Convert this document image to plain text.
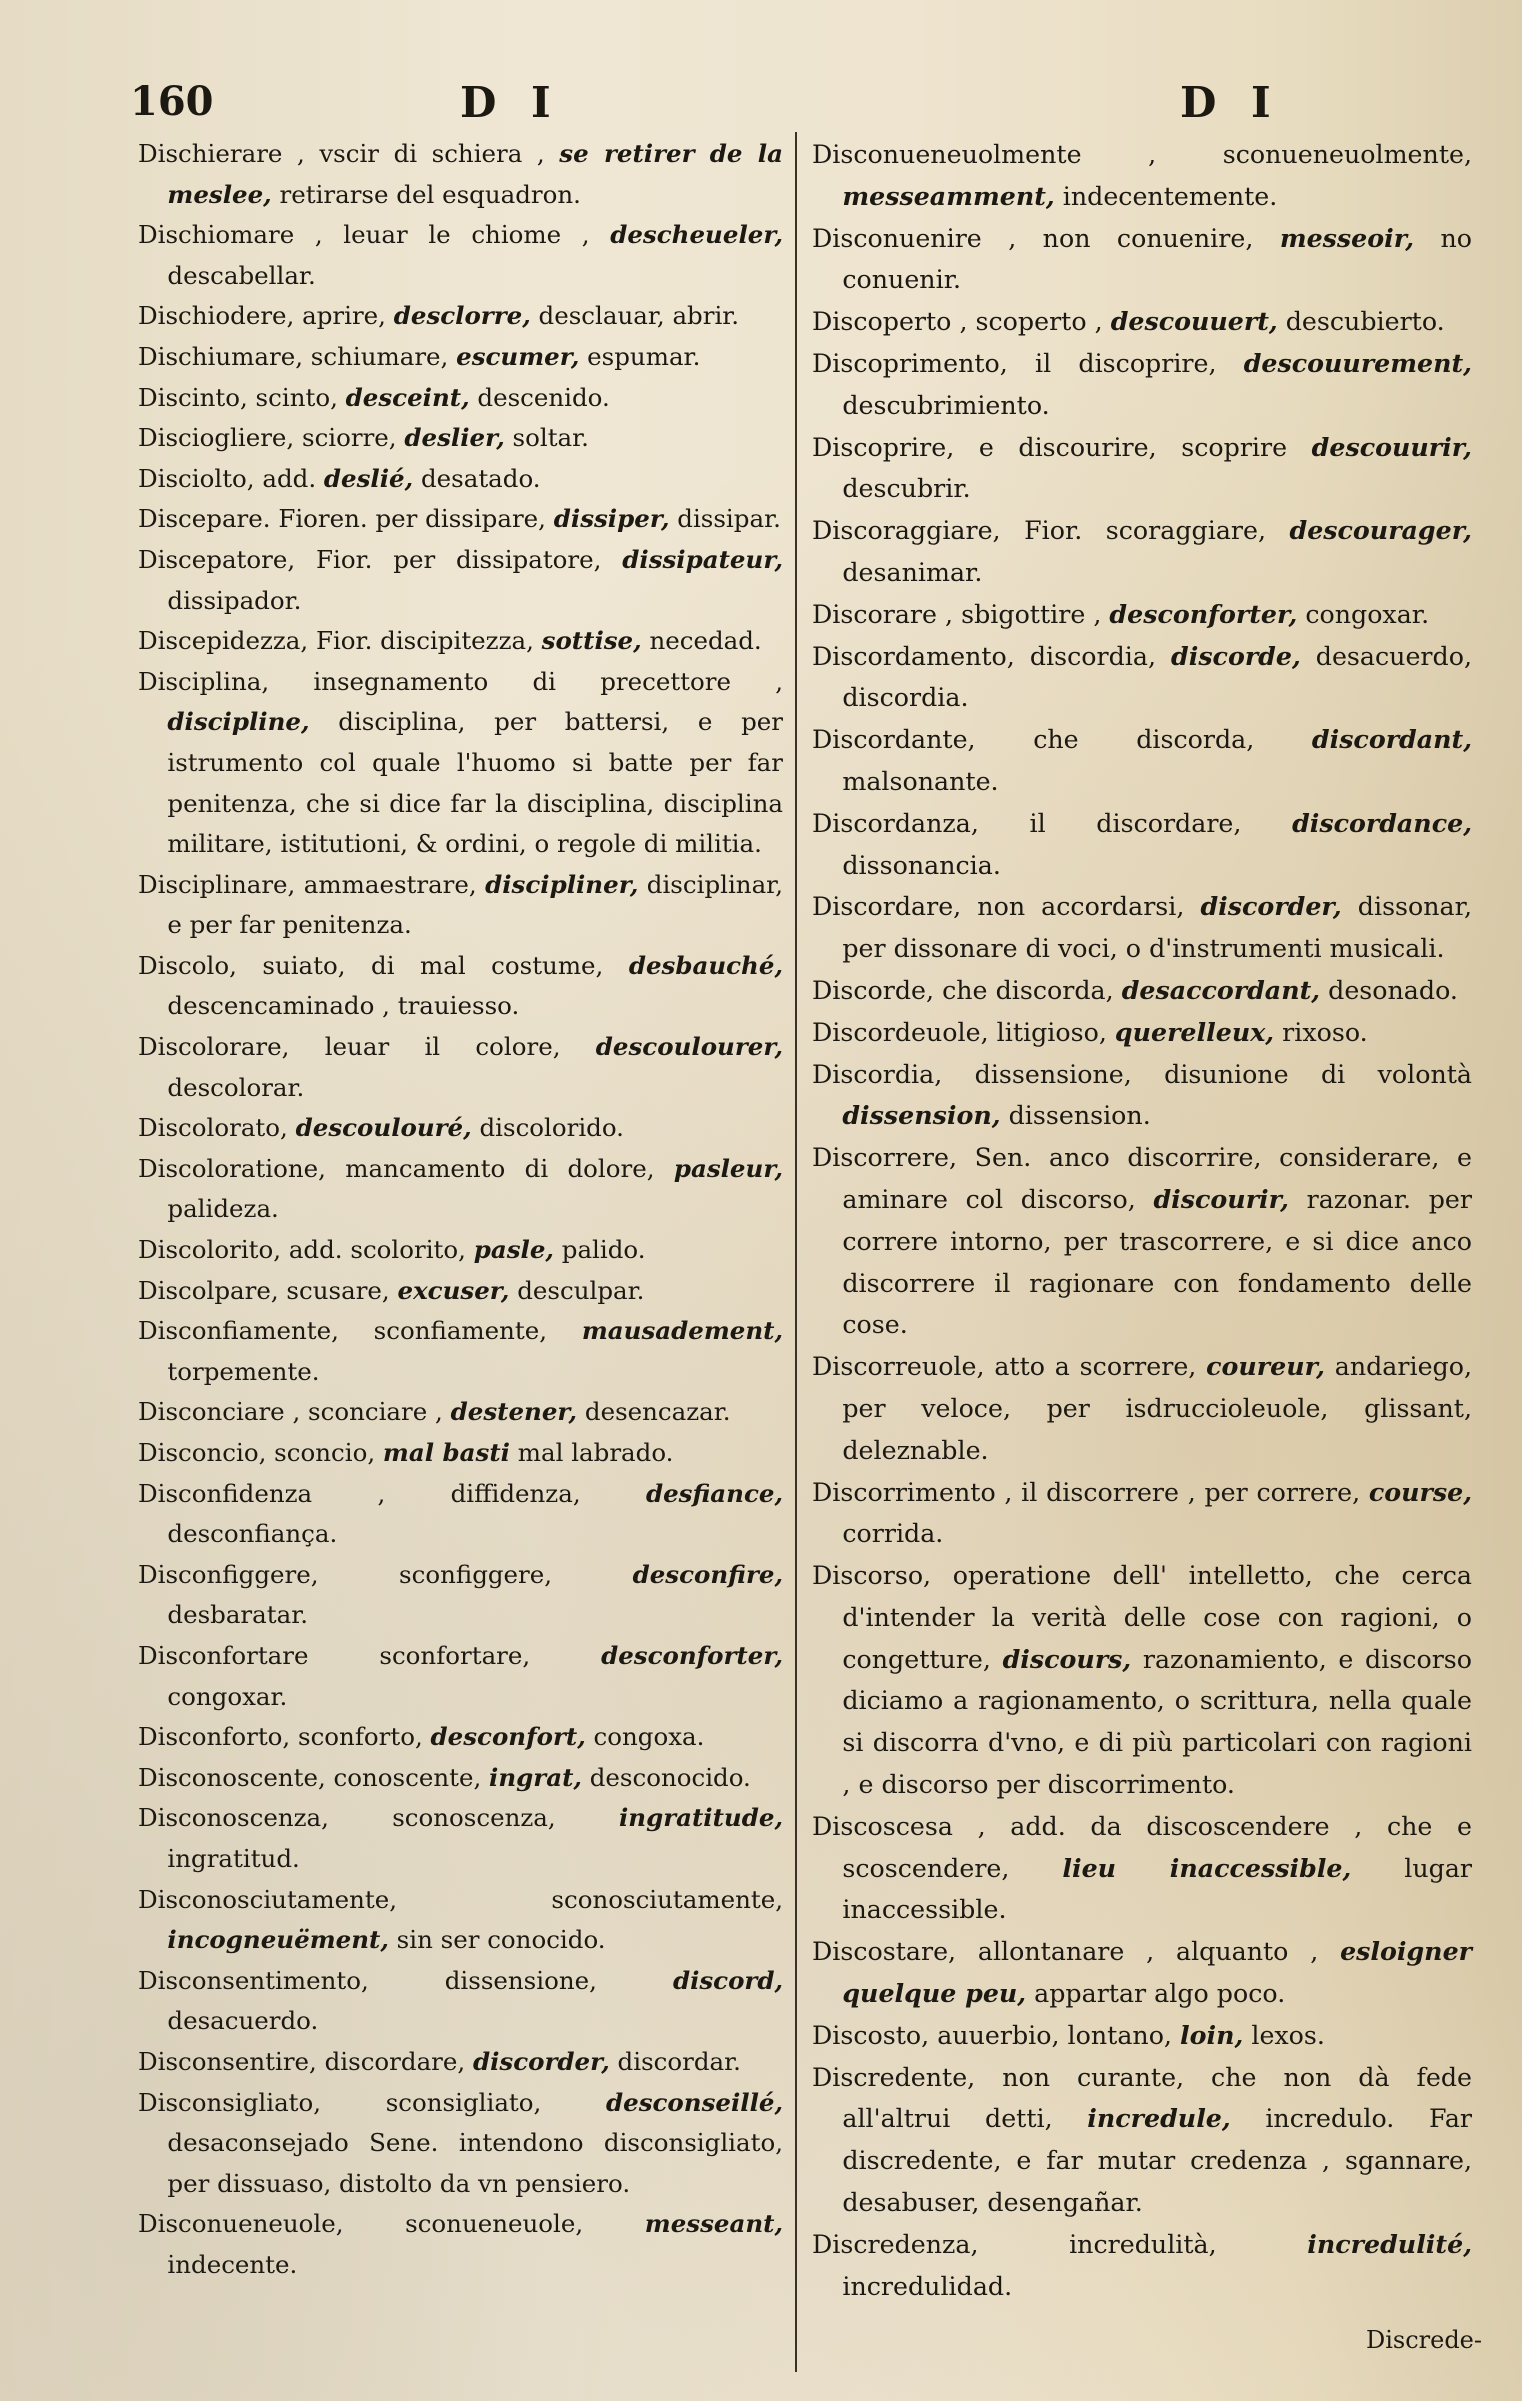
160	D I	D I

Dischierare , vscir di schiera , se retirer de la meslee, retirarse del esquadron.

Dischiomare , leuar le chiome , descheueler, descabellar.

Dischiodere, aprire, desclorre, desclauar, abrir.

Dischiumare, schiumare, escumer, espumar.

Discinto, scinto, desceint, descenido.

Disciogliere, sciorre, deslier, soltar.

Disciolto, add. deslié, desatado.

Discepare. Fioren. per dissipare, dissiper, dissipar.

Discepatore, Fior. per dissipatore, dissipateur, dissipador.

Discepidezza, Fior. discipitezza, sottise, necedad.

Disciplina, insegnamento di precettore , discipline, disciplina, per battersi, e per istrumento col quale l'huomo si batte per far penitenza, che si dice far la disciplina, disciplina militare, istitutioni, & ordini, o regole di militia.

Disciplinare, ammaestrare, discipliner, disciplinar, e per far penitenza.

Discolo, suiato, di mal costume, desbauché, descencaminado , trauiesso.

Discolorare, leuar il colore, descoulourer, descolorar.

Discolorato, descoulouré, discolorido.

Discoloratione, mancamento di dolore, pasleur, palideza.

Discolorito, add. scolorito, pasle, palido.

Discolpare, scusare, excuser, desculpar.

Disconfiamente, sconfiamente, mausadement, torpemente.

Disconciare , sconciare , destener, desencazar.

Disconcio, sconcio, mal basti mal labrado.

Disconfidenza , diffidenza, desfiance, desconfiança.

Disconfiggere, sconfiggere, desconfire, desbaratar.

Disconfortare sconfortare, desconforter, congoxar.

Disconforto, sconforto, desconfort, congoxa.

Disconoscente, conoscente, ingrat, desconocido.

Disconoscenza, sconoscenza, ingratitude, ingratitud.

Disconosciutamente, sconosciutamente, incogneuëment, sin ser conocido.

Disconsentimento, dissensione, discord, desacuerdo.

Disconsentire, discordare, discorder, discordar.

Disconsigliato, sconsigliato, desconseillé, desaconsejado Sene. intendono disconsigliato, per dissuaso, distolto da vn pensiero.

Disconueneuole, sconueneuole, messeant, indecente.

Disconueneuolmente , sconueneuolmente, messeamment, indecentemente.

Disconuenire , non conuenire, messeoir, no conuenir.

Discoperto , scoperto , descouuert, descubierto.

Discoprimento, il discoprire, descouurement, descubrimiento.

Discoprire, e discourire, scoprire descouurir, descubrir.

Discoraggiare, Fior. scoraggiare, descourager, desanimar.

Discorare , sbigottire , desconforter, congoxar.

Discordamento, discordia, discorde, desacuerdo, discordia.

Discordante, che discorda, discordant, malsonante.

Discordanza, il discordare, discordance, dissonancia.

Discordare, non accordarsi, discorder, dissonar, per dissonare di voci, o d'instrumenti musicali.

Discorde, che discorda, desaccordant, desonado.

Discordeuole, litigioso, querelleux, rixoso.

Discordia, dissensione, disunione di volontà dissension, dissension.

Discorrere, Sen. anco discorrire, considerare, e aminare col discorso, discourir, razonar. per correre intorno, per trascorrere, e si dice anco discorrere il ragionare con fondamento delle cose.

Discorreuole, atto a scorrere, coureur, andariego, per veloce, per isdruccioleuole, glissant, deleznable.

Discorrimento , il discorrere , per correre, course, corrida.

Discorso, operatione dell' intelletto, che cerca d'intender la verità delle cose con ragioni, o congetture, discours, razonamiento, e discorso diciamo a ragionamento, o scrittura, nella quale si discorra d'vno, e di più particolari con ragioni , e discorso per discorrimento.

Discoscesa , add. da discoscendere , che e scoscendere, lieu inaccessible, lugar inaccessible.

Discostare, allontanare , alquanto , esloigner quelque peu, appartar algo poco.

Discosto, auuerbio, lontano, loin, lexos.

Discredente, non curante, che non dà fede all'altrui detti, incredule, incredulo. Far discredente, e far mutar credenza , sgannare, desabuser, desengañar.

Discredenza, incredulità, incredulité, incredulidad.

Discrede-
